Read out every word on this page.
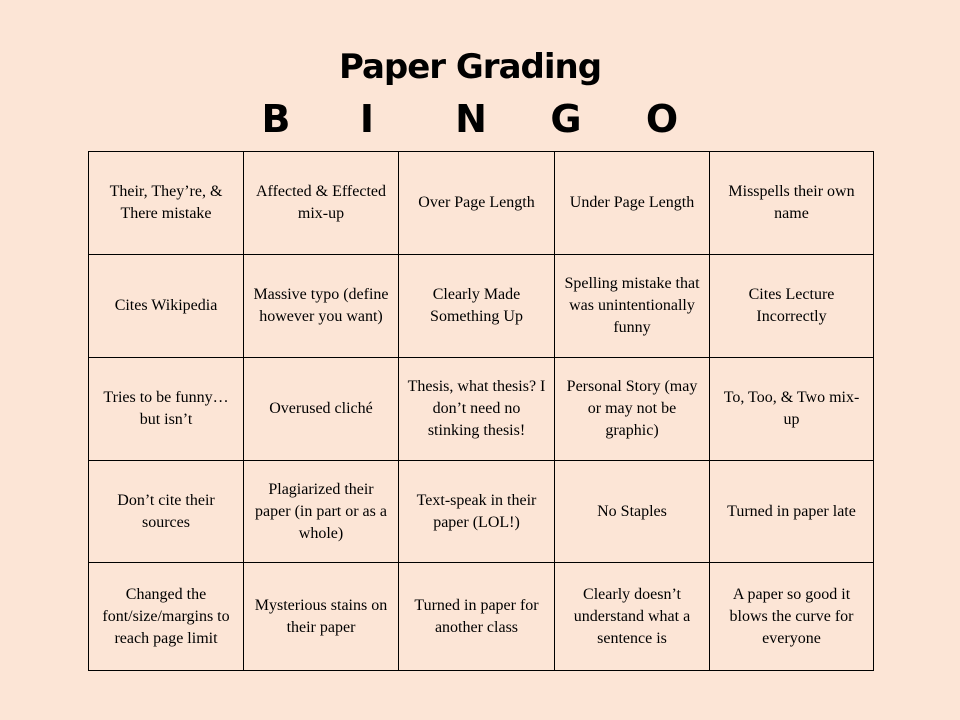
Paper Grading
B	I	N	G	O
Their, They’re, & There mistake	Affected & Effected mix-up	Over Page Length	Under Page Length	Misspells their own name
Cites Wikipedia	Massive typo (define however you want)	Clearly Made Something Up	Spelling mistake that was unintentionally funny	Cites Lecture Incorrectly
Tries to be funny…but isn’t	Overused cliché	Thesis, what thesis? I don’t need no stinking thesis!	Personal Story (may or may not be graphic)	To, Too, & Two mix-up
Don’t cite their sources	Plagiarized their paper (in part or as a whole)	Text-speak in their paper (LOL!)	No Staples	Turned in paper late
Changed the font/size/margins to reach page limit	Mysterious stains on their paper	Turned in paper for another class	Clearly doesn’t understand what a sentence is	A paper so good it blows the curve for everyone
